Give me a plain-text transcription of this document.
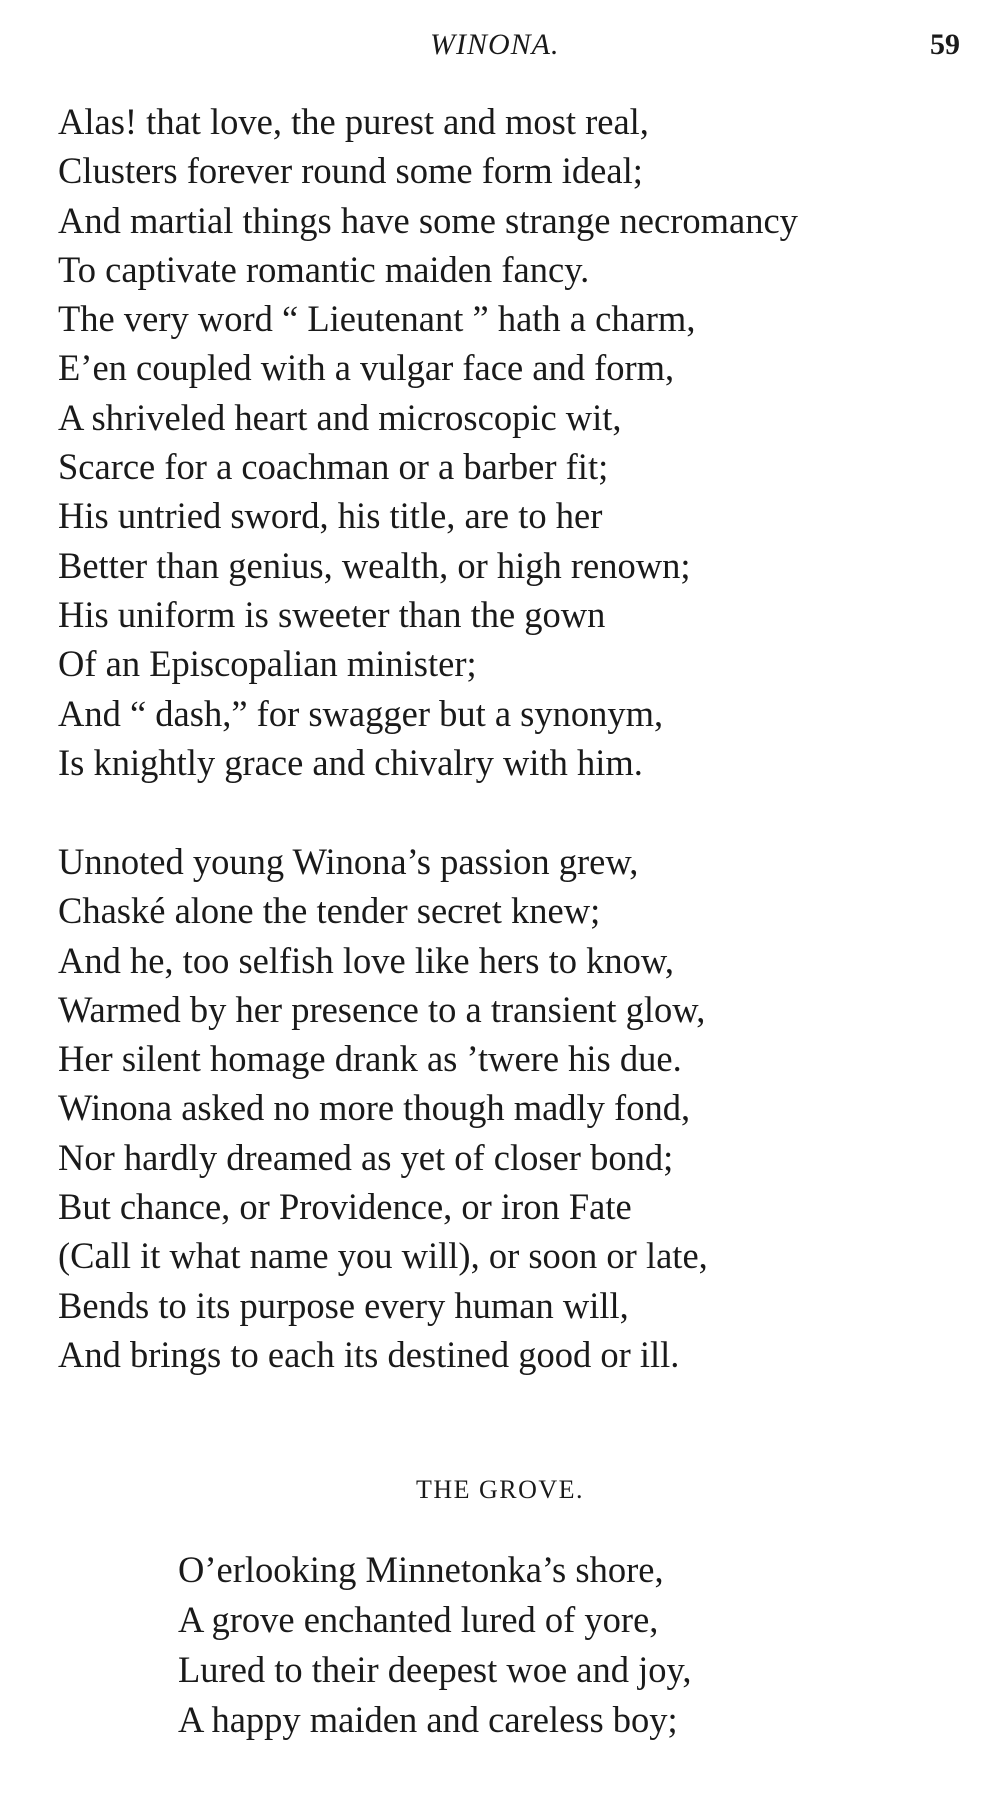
WINONA.	59
Alas! that love, the purest and most real,
Clusters forever round some form ideal;
And martial things have some strange necromancy
To captivate romantic maiden fancy.
The very word “ Lieutenant ” hath a charm,
E’en coupled with a vulgar face and form,
A shriveled heart and microscopic wit,
Scarce for a coachman or a barber fit;
His untried sword, his title, are to her
Better than genius, wealth, or high renown;
His uniform is sweeter than the gown
Of an Episcopalian minister;
And “ dash,” for swagger but a synonym,
Is knightly grace and chivalry with him.
Unnoted young Winona’s passion grew,
Chaské alone the tender secret knew;
And he, too selfish love like hers to know,
Warmed by her presence to a transient glow,
Her silent homage drank as ’twere his due.
Winona asked no more though madly fond,
Nor hardly dreamed as yet of closer bond;
But chance, or Providence, or iron Fate
(Call it what name you will), or soon or late,
Bends to its purpose every human will,
And brings to each its destined good or ill.
THE GROVE.
O’erlooking Minnetonka’s shore,
A grove enchanted lured of yore,
Lured to their deepest woe and joy,
A happy maiden and careless boy;
